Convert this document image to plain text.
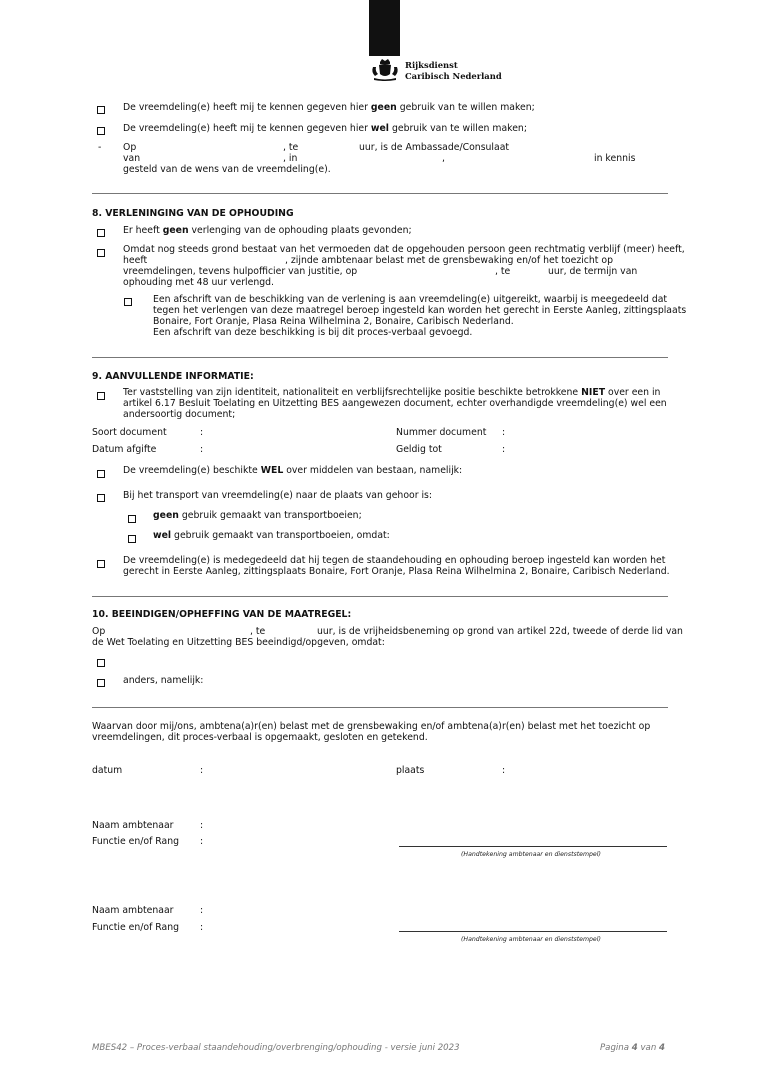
Rijksdienst
Caribisch Nederland
De vreemdeling(e) heeft mij te kennen gegeven hier geen gebruik van te willen maken;
De vreemdeling(e) heeft mij te kennen gegeven hier wel gebruik van te willen maken;
- Op	, te	uur, is de Ambassade/Consulaat
van	, in	,	in kennis
gesteld van de wens van de vreemdeling(e).
8. VERLENINGING VAN DE OPHOUDING
Er heeft geen verlenging van de ophouding plaats gevonden;
Omdat nog steeds grond bestaat van het vermoeden dat de opgehouden persoon geen rechtmatig verblijf (meer) heeft,
heeft	, zijnde ambtenaar belast met de grensbewaking en/of het toezicht op
vreemdelingen, tevens hulpofficier van justitie, op	, te	uur, de termijn van
ophouding met 48 uur verlengd.
Een afschrift van de beschikking van de verlening is aan vreemdeling(e) uitgereikt, waarbij is meegedeeld dat
tegen het verlengen van deze maatregel beroep ingesteld kan worden het gerecht in Eerste Aanleg, zittingsplaats
Bonaire, Fort Oranje, Plasa Reina Wilhelmina 2, Bonaire, Caribisch Nederland.
Een afschrift van deze beschikking is bij dit proces-verbaal gevoegd.
9. AANVULLENDE INFORMATIE:
Ter vaststelling van zijn identiteit, nationaliteit en verblijfsrechtelijke positie beschikte betrokkene NIET over een in
artikel 6.17 Besluit Toelating en Uitzetting BES aangewezen document, echter overhandigde vreemdeling(e) wel een
andersoortig document;
Soort document	:	Nummer document :
Datum afgifte	:	Geldig tot	:
De vreemdeling(e) beschikte WEL over middelen van bestaan, namelijk:
Bij het transport van vreemdeling(e) naar de plaats van gehoor is:
geen gebruik gemaakt van transportboeien;
wel gebruik gemaakt van transportboeien, omdat:
De vreemdeling(e) is medegedeeld dat hij tegen de staandehouding en ophouding beroep ingesteld kan worden het
gerecht in Eerste Aanleg, zittingsplaats Bonaire, Fort Oranje, Plasa Reina Wilhelmina 2, Bonaire, Caribisch Nederland.
10. BEEINDIGEN/OPHEFFING VAN DE MAATREGEL:
Op	, te	uur, is de vrijheidsbeneming op grond van artikel 22d, tweede of derde lid van
de Wet Toelating en Uitzetting BES beeindigd/opgeven, omdat:
anders, namelijk:
Waarvan door mij/ons, ambtena(a)r(en) belast met de grensbewaking en/of ambtena(a)r(en) belast met het toezicht op
vreemdelingen, dit proces-verbaal is opgemaakt, gesloten en getekend.
datum	:	plaats	:
Naam ambtenaar	:
Functie en/of Rang :
(Handtekening ambtenaar en dienststempel)
Naam ambtenaar	:
Functie en/of Rang :
(Handtekening ambtenaar en dienststempel)
MBES42 – Proces-verbaal staandehouding/overbrenging/ophouding - versie juni 2023	Pagina 4 van 4
